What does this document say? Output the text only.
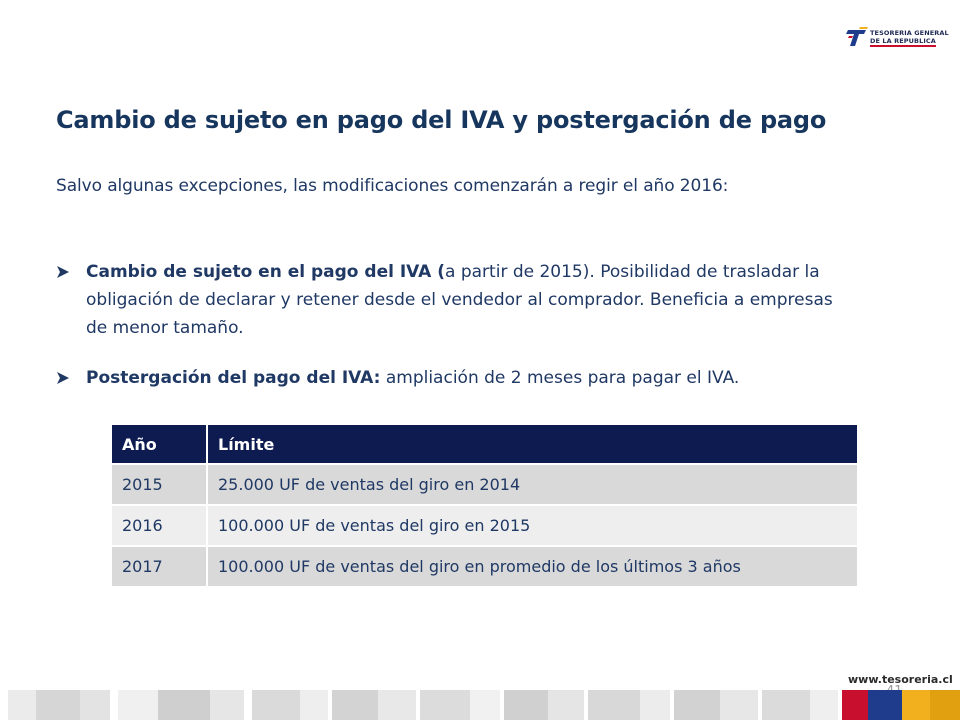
TESORERIA GENERAL
DE LA REPUBLICA
Cambio de sujeto en pago del IVA y postergación de pago

Salvo algunas excepciones, las modificaciones comenzarán a regir el año 2016:

Cambio de sujeto en el pago del IVA (a partir de 2015). Posibilidad de trasladar la obligación de declarar y retener desde el vendedor al comprador. Beneficia a empresas de menor tamaño.
Postergación del pago del IVA: ampliación de 2 meses para pagar el IVA.
Año	Límite
2015	25.000 UF de ventas del giro en 2014
2016	100.000 UF de ventas del giro en 2015
2017	100.000 UF de ventas del giro en promedio de los últimos 3 años
www.tesoreria.cl
